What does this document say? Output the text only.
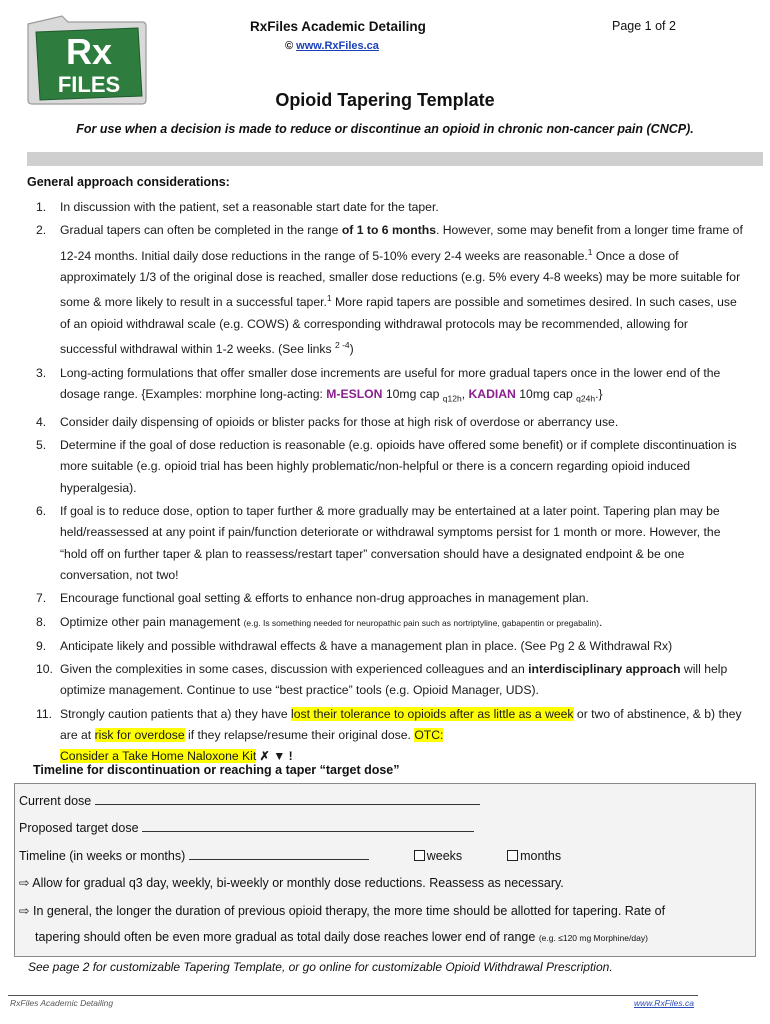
Rx
FILES
RxFiles Academic Detailing
© www.RxFiles.ca
Page 1 of 2
Opioid Tapering Template
For use when a decision is made to reduce or discontinue an opioid in chronic non-cancer pain (CNCP).
General approach considerations:
1. In discussion with the patient, set a reasonable start date for the taper.
2. Gradual tapers can often be completed in the range of 1 to 6 months. However, some may benefit from a longer time frame of 12-24 months. Initial daily dose reductions in the range of 5-10% every 2-4 weeks are reasonable.$^1$ Once a dose of approximately 1/3 of the original dose is reached, smaller dose reductions (e.g. 5% every 4-8 weeks) may be more suitable for some & more likely to result in a successful taper.$^1$ More rapid tapers are possible and sometimes desired. In such cases, use of an opioid withdrawal scale (e.g. COWS) & corresponding withdrawal protocols may be recommended, allowing for successful withdrawal within 1-2 weeks. (See links $^{2 -4}$)
3. Long-acting formulations that offer smaller dose increments are useful for more gradual tapers once in the lower end of the dosage range. {Examples: morphine long-acting: M-ESLON 10mg cap $_{q12h}$, KADIAN 10mg cap $_{q24h}$.}
4. Consider daily dispensing of opioids or blister packs for those at high risk of overdose or aberrancy use.
5. Determine if the goal of dose reduction is reasonable (e.g. opioids have offered some benefit) or if complete discontinuation is more suitable (e.g. opioid trial has been highly problematic/non-helpful or there is a concern regarding opioid induced hyperalgesia).
6. If goal is to reduce dose, option to taper further & more gradually may be entertained at a later point. Tapering plan may be held/reassessed at any point if pain/function deteriorate or withdrawal symptoms persist for 1 month or more. However, the “hold off on further taper & plan to reassess/restart taper” conversation should have a designated endpoint & be one conversation, not two!
7. Encourage functional goal setting & efforts to enhance non-drug approaches in management plan.
8. Optimize other pain management (e.g. Is something needed for neuropathic pain such as nortriptyline, gabapentin or pregabalin).
9. Anticipate likely and possible withdrawal effects & have a management plan in place. (See Pg 2 & Withdrawal Rx)
10. Given the complexities in some cases, discussion with experienced colleagues and an interdisciplinary approach will help optimize management. Continue to use “best practice” tools (e.g. Opioid Manager, UDS).
11. Strongly caution patients that a) they have lost their tolerance to opioids after as little as a week or two of abstinence, & b) they are at risk for overdose if they relapse/resume their original dose. OTC:
Consider a Take Home Naloxone Kit ✗ ▼ !
Timeline for discontinuation or reaching a taper “target dose”
Current dose
Proposed target dose
Timeline (in weeks or months)	weeks	months
⇨ Allow for gradual q3 day, weekly, bi-weekly or monthly dose reductions. Reassess as necessary.
⇨ In general, the longer the duration of previous opioid therapy, the more time should be allotted for tapering. Rate of
tapering should often be even more gradual as total daily dose reaches lower end of range (e.g. ≤120 mg Morphine/day)
See page 2 for customizable Tapering Template, or go online for customizable Opioid Withdrawal Prescription.
RxFiles Academic Detailing	www.RxFiles.ca
